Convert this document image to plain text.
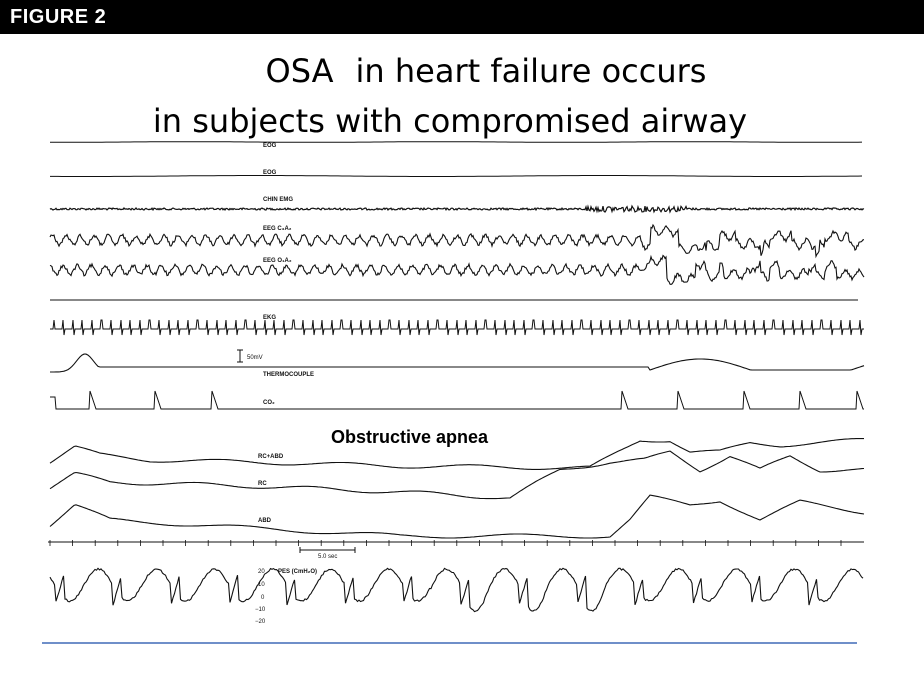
FIGURE 2
OSA in heart failure occurs
in subjects with compromised airway
EOG
EOG
CHIN EMG
EEG C₃A₂
EEG O₁A₂
EKG
THERMOCOUPLE
CO₂
RC+ABD
RC
ABD
PES (CmH₂O)
50mV
5.0 sec
20
10
0
−10
−20
Obstructive apnea
